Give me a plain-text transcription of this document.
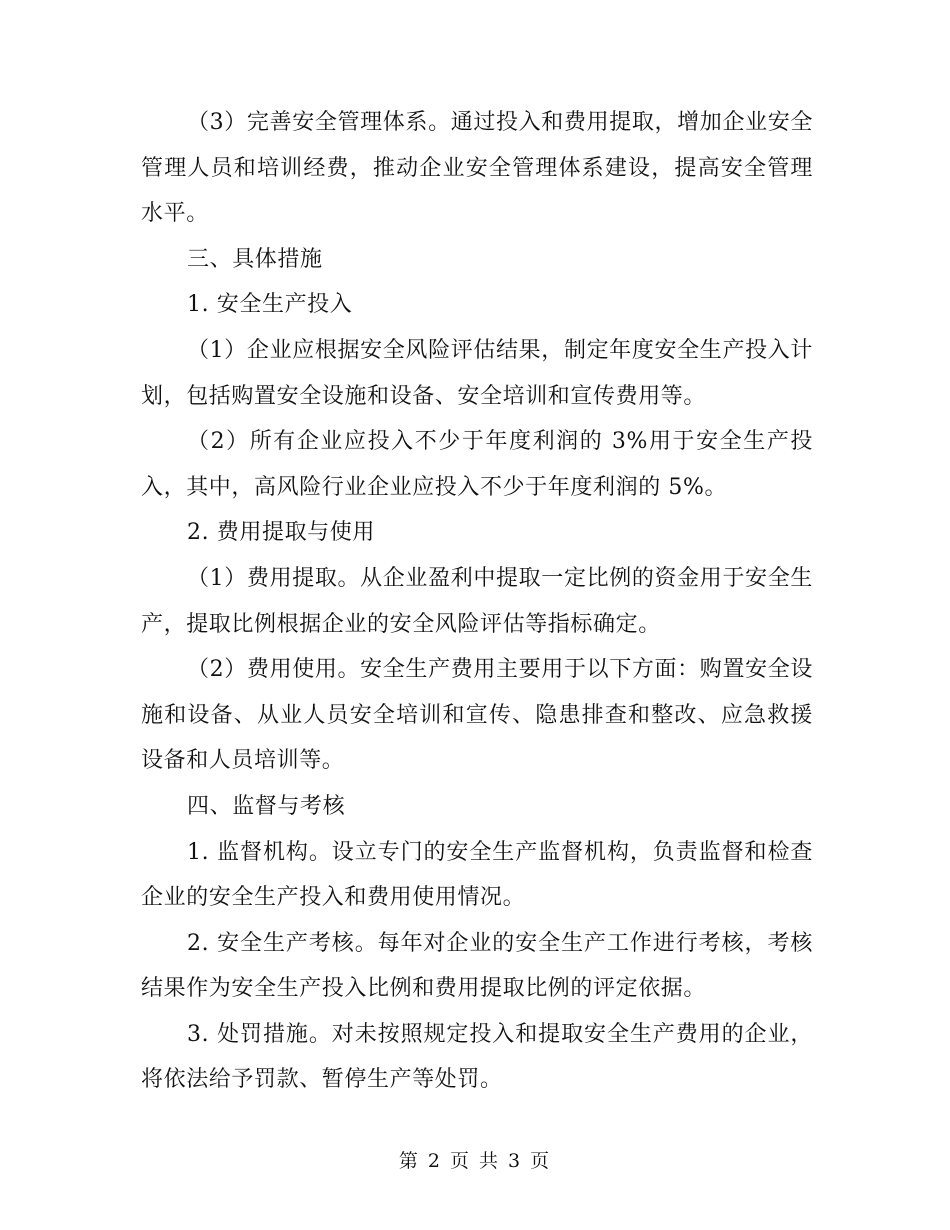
（3）完善安全管理体系。通过投入和费用提取，增加企业安全管理人员和培训经费，推动企业安全管理体系建设，提高安全管理水平。

三、具体措施

1. 安全生产投入

（1）企业应根据安全风险评估结果，制定年度安全生产投入计划，包括购置安全设施和设备、安全培训和宣传费用等。

（2）所有企业应投入不少于年度利润的 3%用于安全生产投入，其中，高风险行业企业应投入不少于年度利润的 5%。

2. 费用提取与使用

（1）费用提取。从企业盈利中提取一定比例的资金用于安全生产，提取比例根据企业的安全风险评估等指标确定。

（2）费用使用。安全生产费用主要用于以下方面：购置安全设施和设备、从业人员安全培训和宣传、隐患排查和整改、应急救援设备和人员培训等。

四、监督与考核

1. 监督机构。设立专门的安全生产监督机构，负责监督和检查企业的安全生产投入和费用使用情况。

2. 安全生产考核。每年对企业的安全生产工作进行考核，考核结果作为安全生产投入比例和费用提取比例的评定依据。

3. 处罚措施。对未按照规定投入和提取安全生产费用的企业，将依法给予罚款、暂停生产等处罚。

第 2 页 共 3 页
